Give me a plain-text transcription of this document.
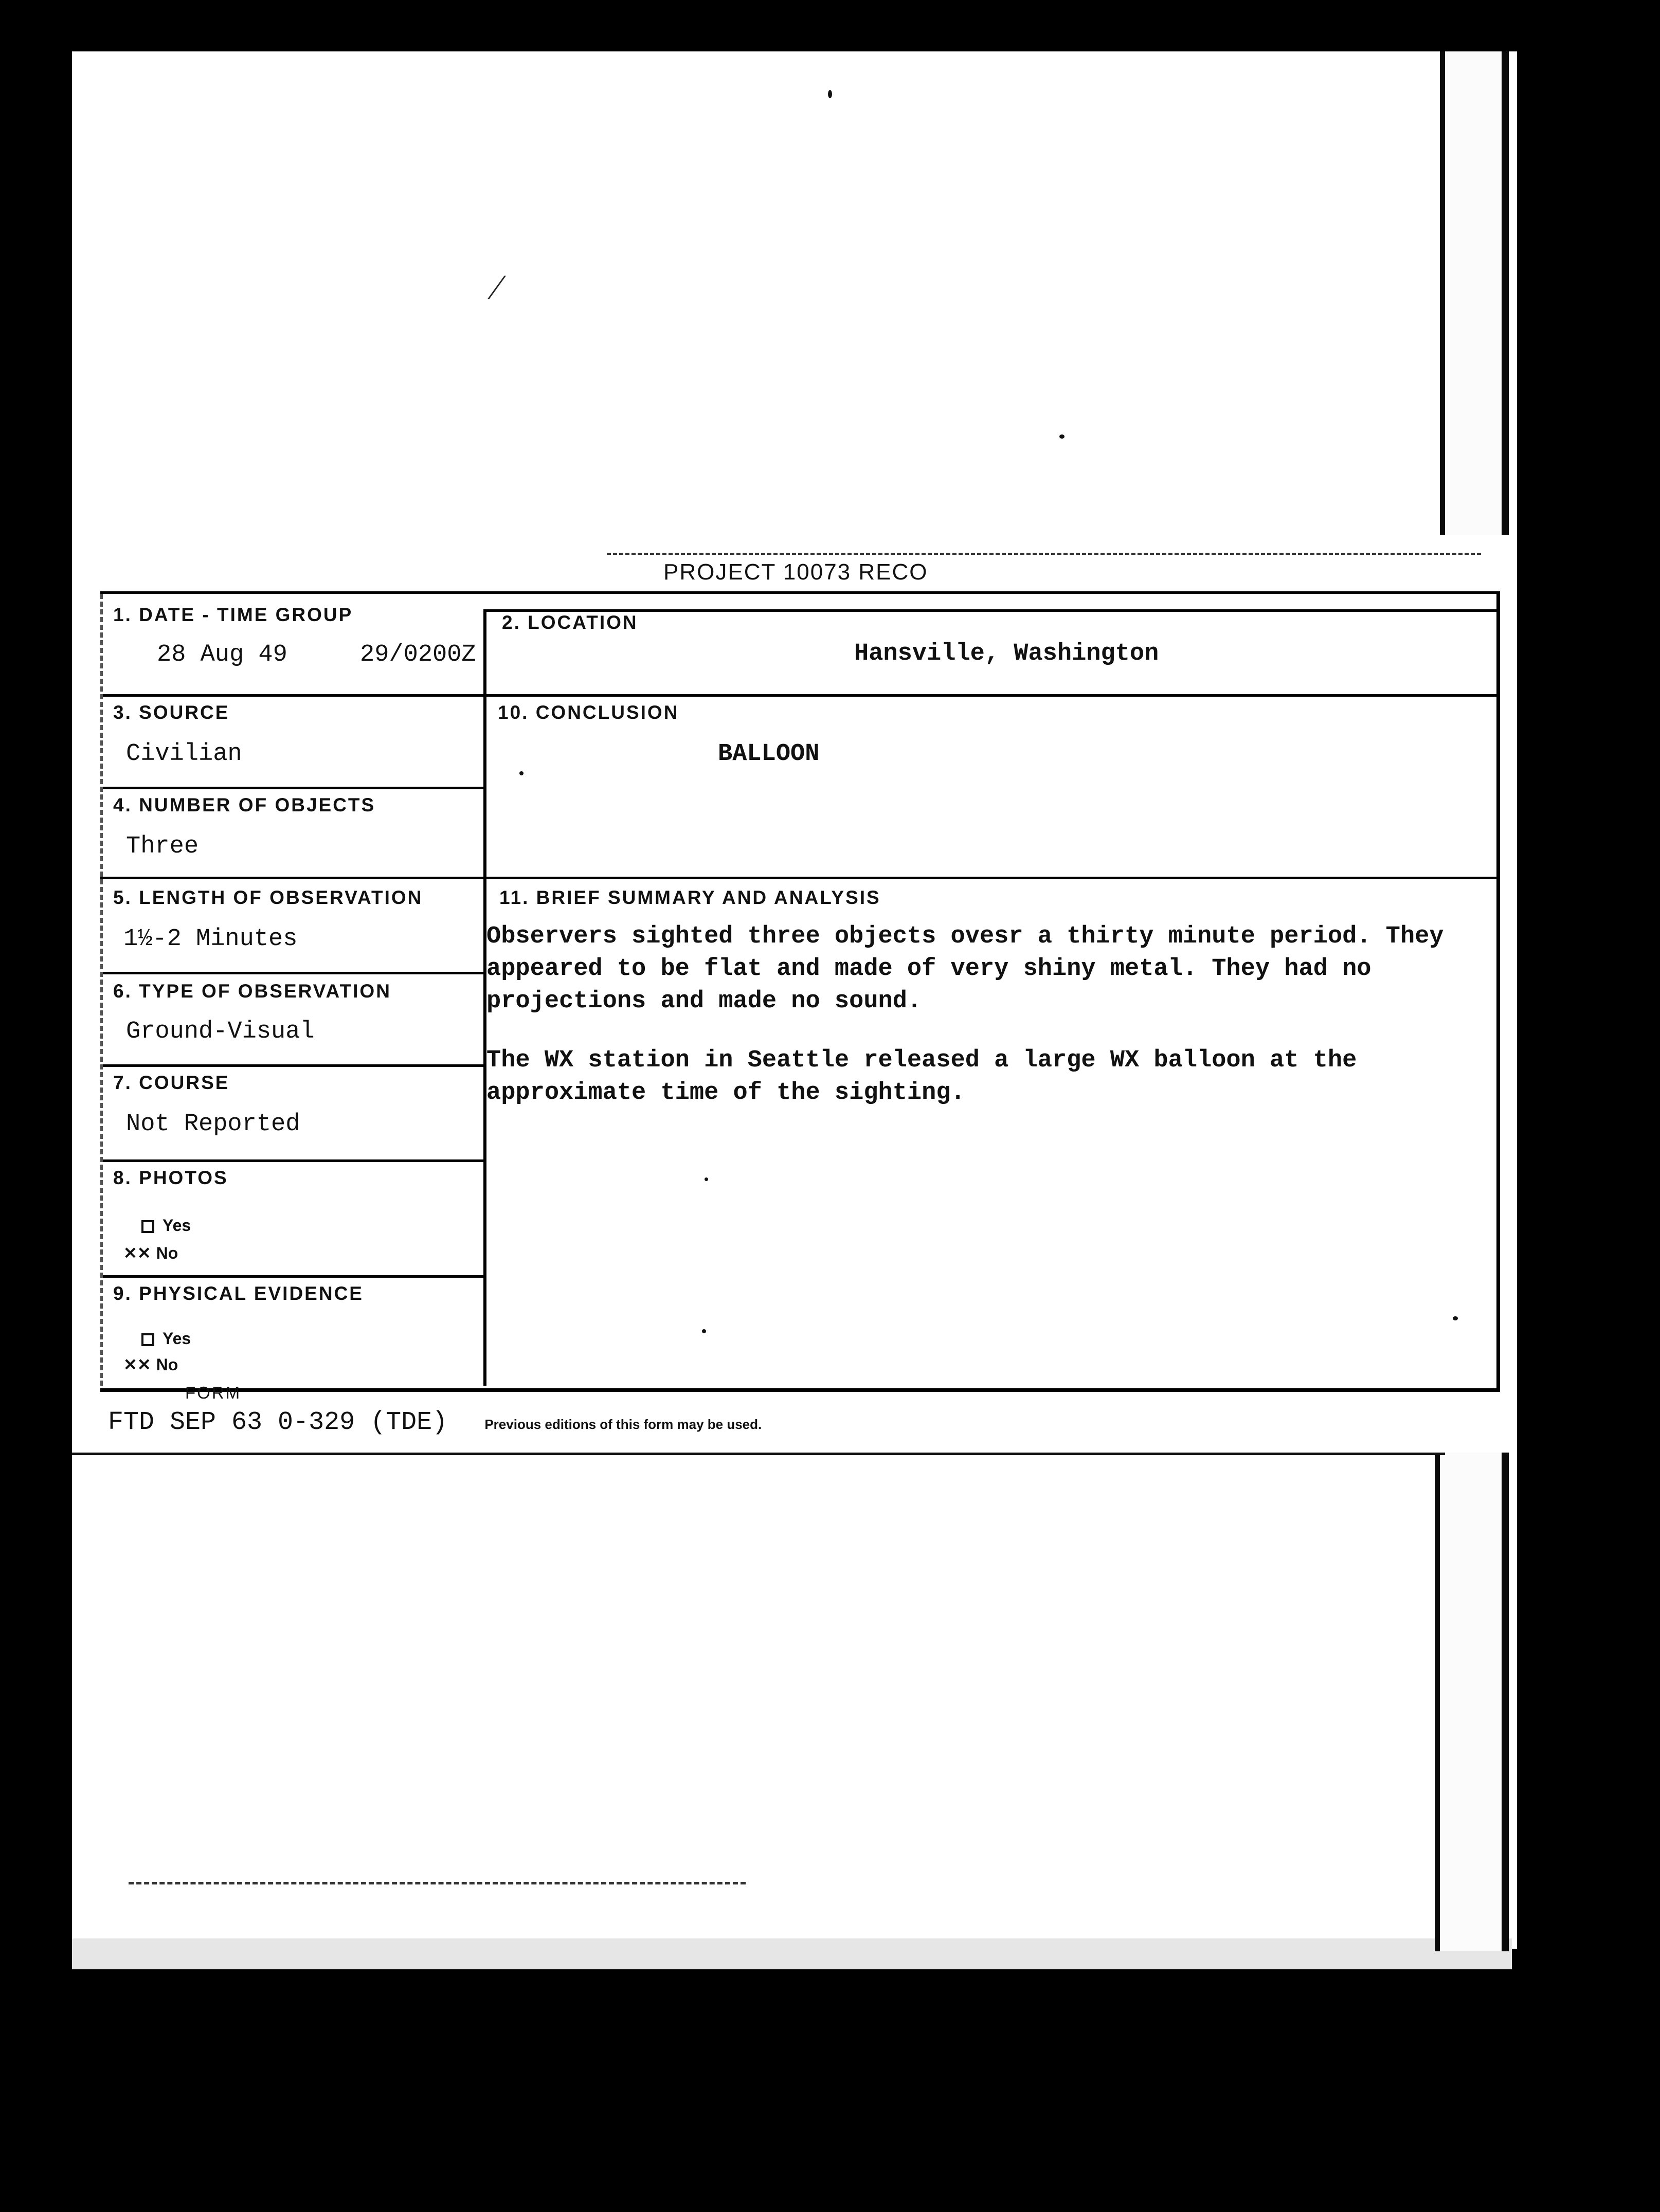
⁄
PROJECT 10073 RECO
1. DATE - TIME GROUP
28 Aug 49	29/0200Z
2. LOCATION
Hansville, Washington
3. SOURCE
Civilian
10. CONCLUSION
BALLOON
4. NUMBER OF OBJECTS
Three
5. LENGTH OF OBSERVATION
1½-2 Minutes
11. BRIEF SUMMARY AND ANALYSIS

Observers sighted three objects ovesr a thirty minute period. They appeared to be flat and made of very shiny metal. They had no projections and made no sound.

The WX station in Seattle released a large WX balloon at the approximate time of the sighting.

6. TYPE OF OBSERVATION
Ground-Visual
7. COURSE
Not Reported
8. PHOTOS
Yes
✕✕ No
9. PHYSICAL EVIDENCE
Yes
✕✕ No
FORM
FTD SEP 63 0-329 (TDE)	Previous editions of this form may be used.
